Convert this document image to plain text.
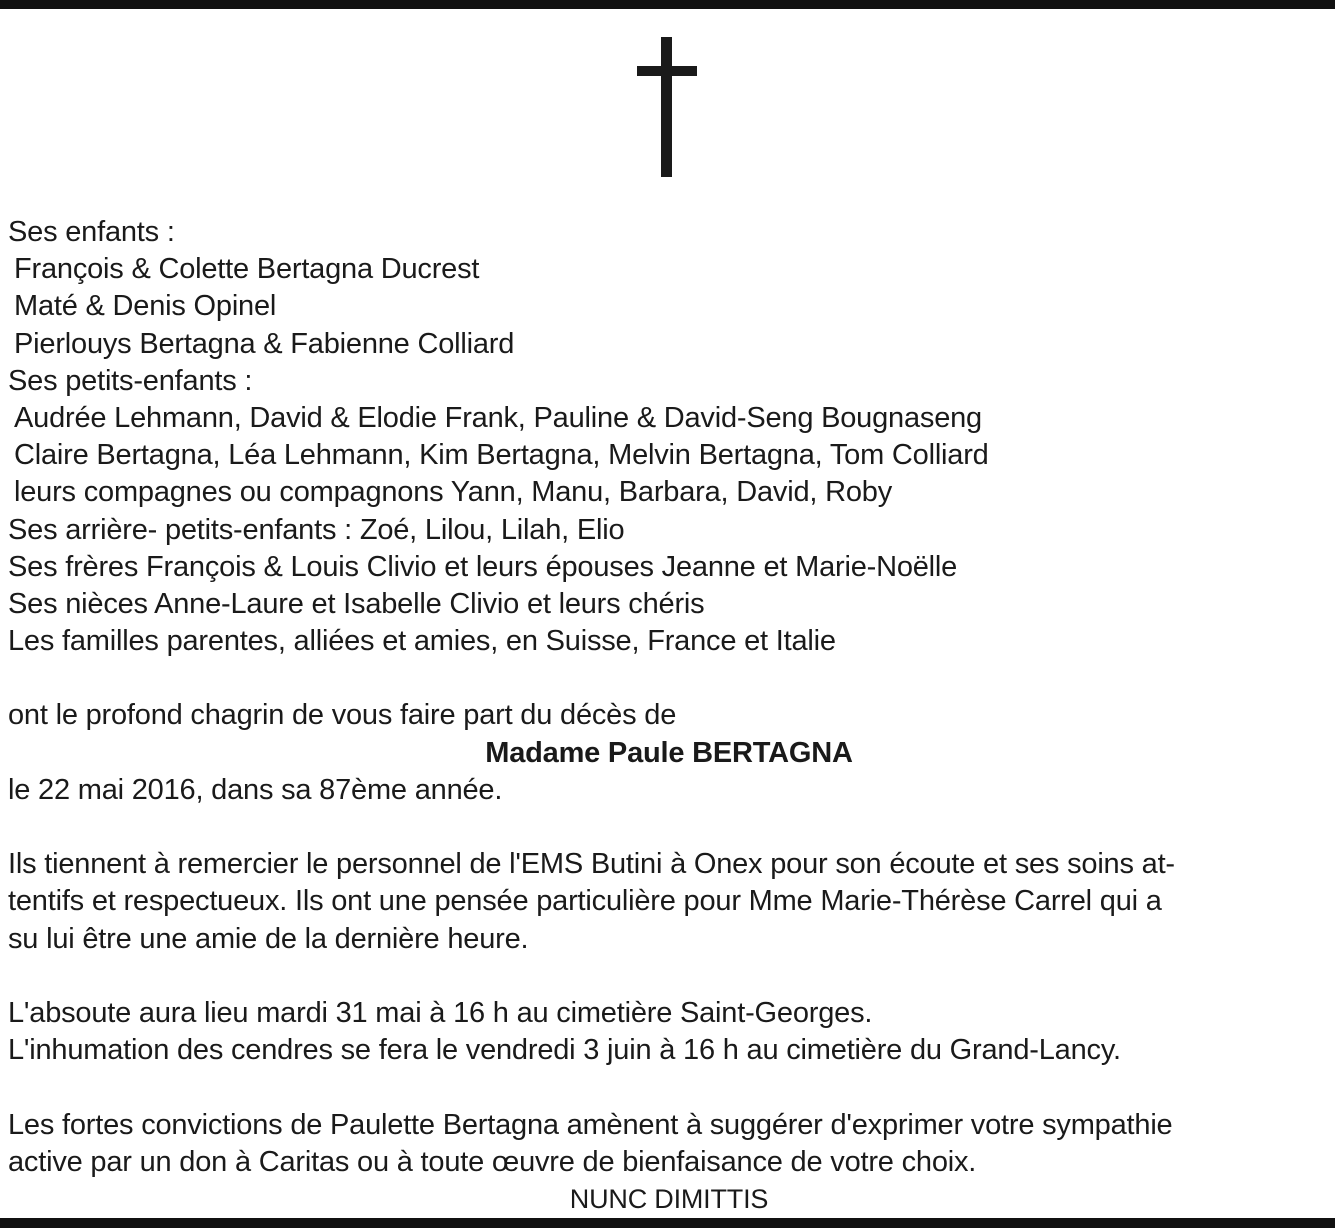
Ses enfants :
François & Colette Bertagna Ducrest
Maté & Denis Opinel
Pierlouys Bertagna & Fabienne Colliard
Ses petits-enfants :
Audrée Lehmann, David & Elodie Frank, Pauline & David-Seng Bougnaseng
Claire Bertagna, Léa Lehmann, Kim Bertagna, Melvin Bertagna, Tom Colliard
leurs compagnes ou compagnons Yann, Manu, Barbara, David, Roby
Ses arrière- petits-enfants : Zoé, Lilou, Lilah, Elio
Ses frères François & Louis Clivio et leurs épouses Jeanne et Marie-Noëlle
Ses nièces Anne-Laure et Isabelle Clivio et leurs chéris
Les familles parentes, alliées et amies, en Suisse, France et Italie
ont le profond chagrin de vous faire part du décès de
Madame Paule BERTAGNA
le 22 mai 2016, dans sa 87ème année.
Ils tiennent à remercier le personnel de l'EMS Butini à Onex pour son écoute et ses soins at-
tentifs et respectueux. Ils ont une pensée particulière pour Mme Marie-Thérèse Carrel qui a
su lui être une amie de la dernière heure.
L'absoute aura lieu mardi 31 mai à 16 h au cimetière Saint-Georges.
L'inhumation des cendres se fera le vendredi 3 juin à 16 h au cimetière du Grand-Lancy.
Les fortes convictions de Paulette Bertagna amènent à suggérer d'exprimer votre sympathie
active par un don à Caritas ou à toute œuvre de bienfaisance de votre choix.
NUNC DIMITTIS
